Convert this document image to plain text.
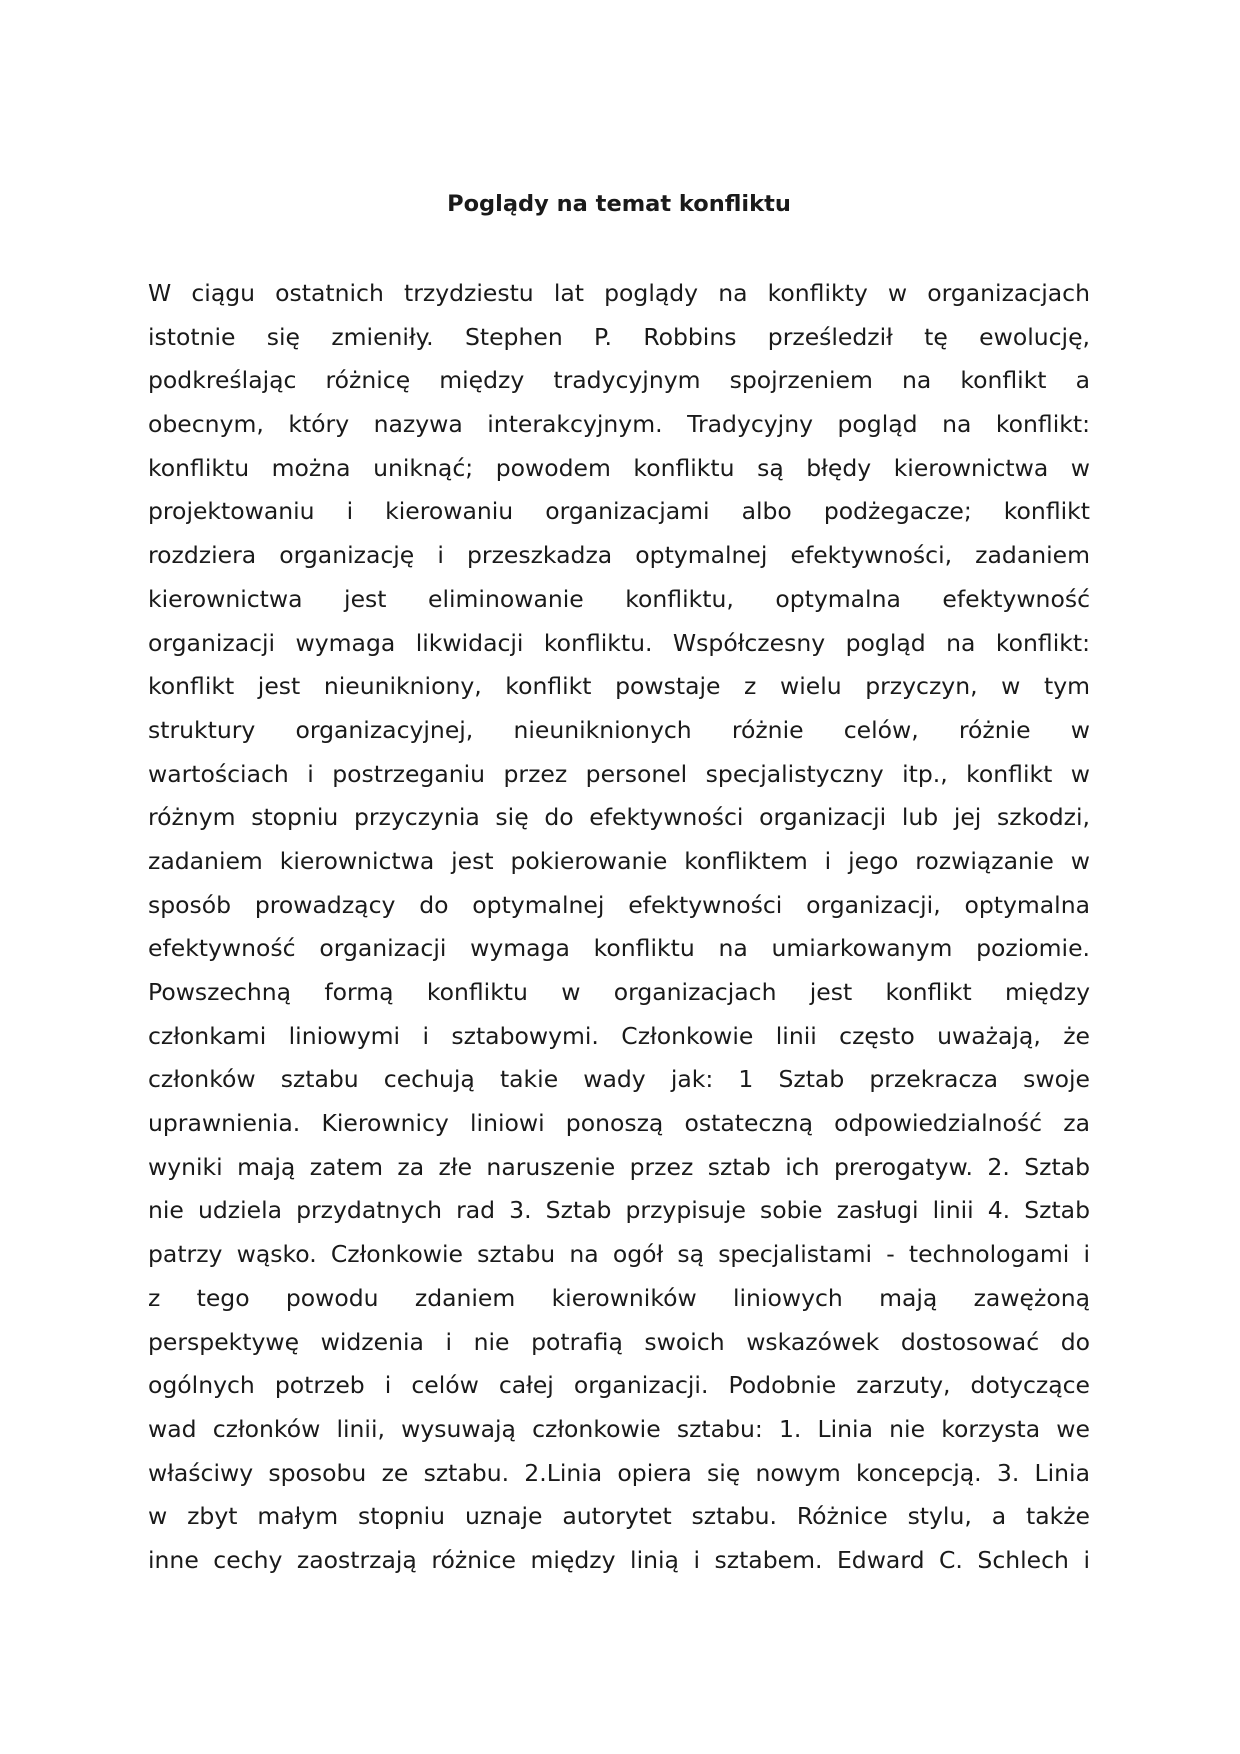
Poglądy na temat konfliktu
W ciągu ostatnich trzydziestu lat poglądy na konflikty w organizacjach
istotnie się zmieniły. Stephen P. Robbins prześledził tę ewolucję,
podkreślając różnicę między tradycyjnym spojrzeniem na konflikt a
obecnym, który nazywa interakcyjnym. Tradycyjny pogląd na konflikt:
konfliktu można uniknąć; powodem konfliktu są błędy kierownictwa w
projektowaniu i kierowaniu organizacjami albo podżegacze; konflikt
rozdziera organizację i przeszkadza optymalnej efektywności, zadaniem
kierownictwa jest eliminowanie konfliktu, optymalna efektywność
organizacji wymaga likwidacji konfliktu. Współczesny pogląd na konflikt:
konflikt jest nieunikniony, konflikt powstaje z wielu przyczyn, w tym
struktury organizacyjnej, nieuniknionych różnie celów, różnie w
wartościach i postrzeganiu przez personel specjalistyczny itp., konflikt w
różnym stopniu przyczynia się do efektywności organizacji lub jej szkodzi,
zadaniem kierownictwa jest pokierowanie konfliktem i jego rozwiązanie w
sposób prowadzący do optymalnej efektywności organizacji, optymalna
efektywność organizacji wymaga konfliktu na umiarkowanym poziomie.
Powszechną formą konfliktu w organizacjach jest konflikt między
członkami liniowymi i sztabowymi. Członkowie linii często uważają, że
członków sztabu cechują takie wady jak: 1 Sztab przekracza swoje
uprawnienia. Kierownicy liniowi ponoszą ostateczną odpowiedzialność za
wyniki mają zatem za złe naruszenie przez sztab ich prerogatyw. 2. Sztab
nie udziela przydatnych rad 3. Sztab przypisuje sobie zasługi linii 4. Sztab
patrzy wąsko. Członkowie sztabu na ogół są specjalistami - technologami i
z tego powodu zdaniem kierowników liniowych mają zawężoną
perspektywę widzenia i nie potrafią swoich wskazówek dostosować do
ogólnych potrzeb i celów całej organizacji. Podobnie zarzuty, dotyczące
wad członków linii, wysuwają członkowie sztabu: 1. Linia nie korzysta we
właściwy sposobu ze sztabu. 2.Linia opiera się nowym koncepcją. 3. Linia
w zbyt małym stopniu uznaje autorytet sztabu. Różnice stylu, a także
inne cechy zaostrzają różnice między linią i sztabem. Edward C. Schlech i
